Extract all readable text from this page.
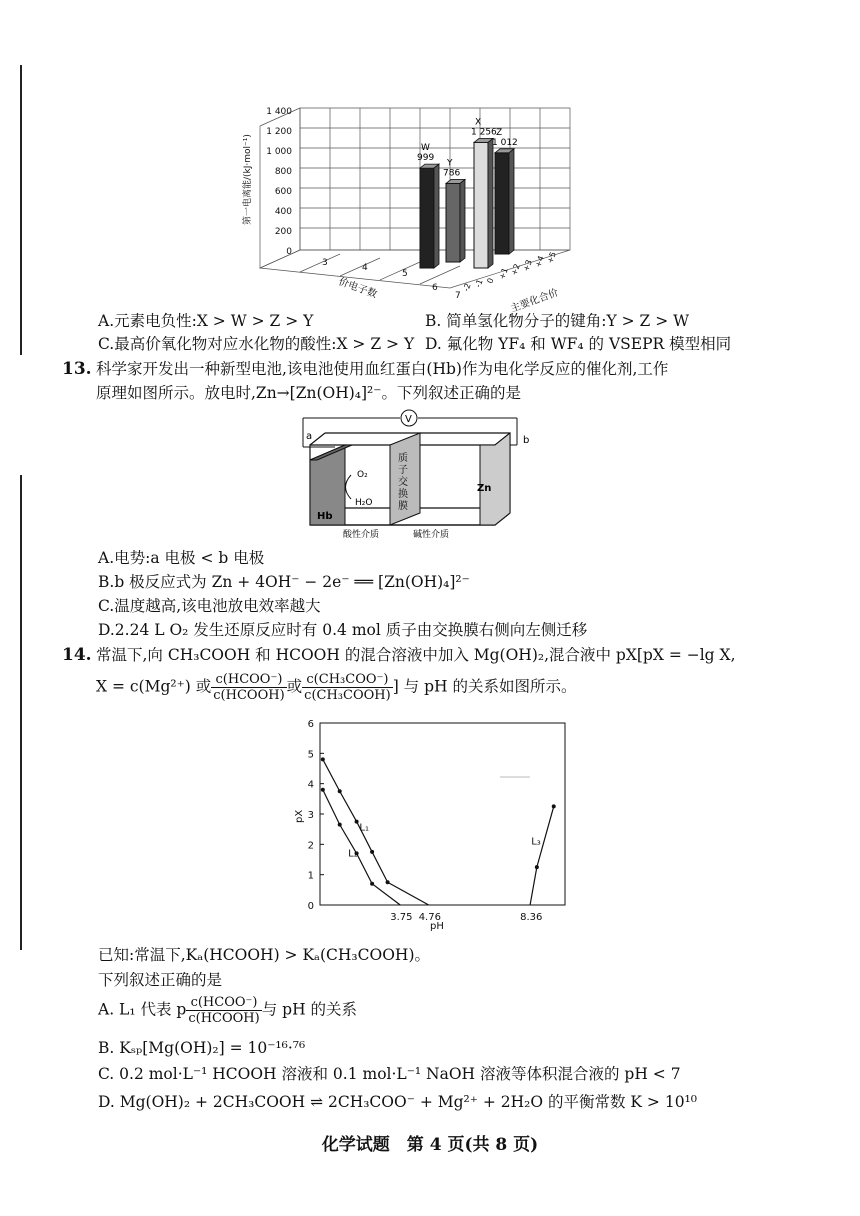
1 400
1 200
1 000
800
600
400
200
0
第一电离能/(kJ·mol⁻¹)
3	4
5
6
7
价电子数	-2 -1 0
+1 +2 +3 +4 +5
主要化合价
W
999
Y
786
X
1 256 Z
1 012
A.元素电负性:X > W > Z > Y	B. 简单氢化物分子的键角:Y > Z > W
C.最高价氧化物对应水化物的酸性:X > Z > Y D. 氟化物 YF₄ 和 WF₄ 的 VSEPR 模型相同
13. 科学家开发出一种新型电池,该电池使用血红蛋白(Hb)作为电化学反应的催化剂,工作
原理如图所示。放电时,Zn→[Zn(OH)₄]²⁻。下列叙述正确的是
V
a	b
Hb
Zn
质子交换膜
O₂
H₂O
酸性介质	碱性介质
A.电势:a 电极 < b 电极
B.b 极反应式为 Zn + 4OH⁻ − 2e⁻ ══ [Zn(OH)₄]²⁻
C.温度越高,该电池放电效率越大
D.2.24 L O₂ 发生还原反应时有 0.4 mol 质子由交换膜右侧向左侧迁移
14. 常温下,向 CH₃COOH 和 HCOOH 的混合溶液中加入 Mg(OH)₂,混合液中 pX[pX = −lg X,
X = c(Mg²⁺) 或 $\frac{\text{c(HCOO⁻)}}{\text{c(HCOOH)}}$ 或 $\frac{\text{c(CH₃COO⁻)}}{\text{c(CH₃COOH)}}$ ] 与 pH 的关系如图所示。
0
1
2
3
4
5
6
pX
pH
3.75 4.76	8.36
L₁
L₂
L₃
已知:常温下,Kₐ(HCOOH) > Kₐ(CH₃COOH)。
下列叙述正确的是
A. L₁ 代表 p $\frac{\text{c(HCOO⁻)}}{\text{c(HCOOH)}}$ 与 pH 的关系
B. Kₛₚ[Mg(OH)₂] = 10⁻¹⁶·⁷⁶
C. 0.2 mol·L⁻¹ HCOOH 溶液和 0.1 mol·L⁻¹ NaOH 溶液等体积混合液的 pH < 7
D. Mg(OH)₂ + 2CH₃COOH ⇌ 2CH₃COO⁻ + Mg²⁺ + 2H₂O 的平衡常数 K > 10¹⁰
化学试题　第 4 页(共 8 页)
